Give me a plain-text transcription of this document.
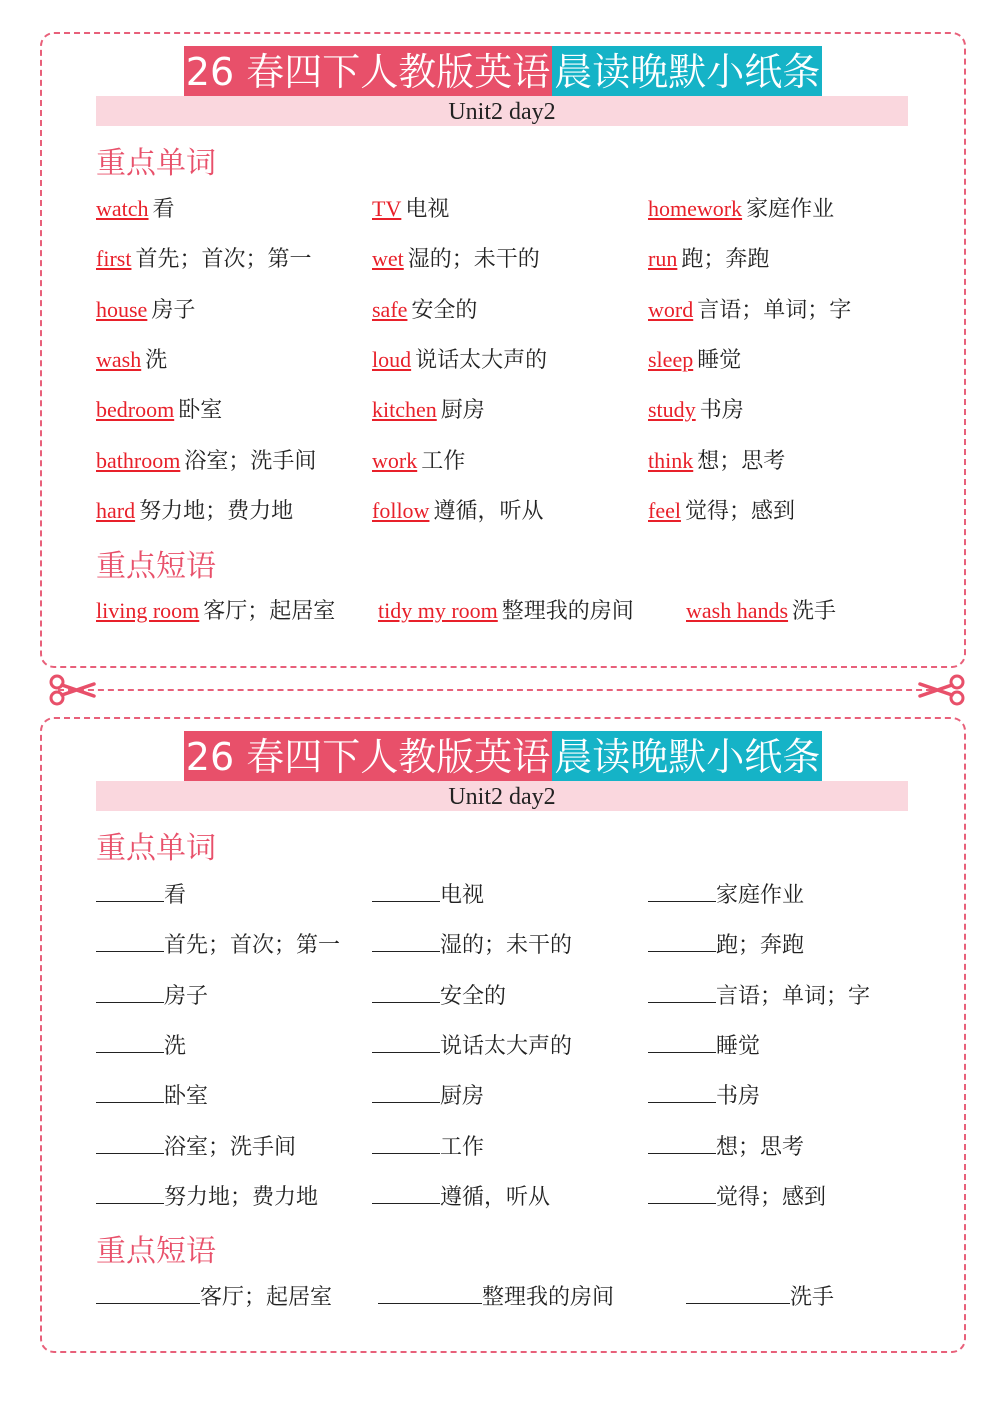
26 春四下人教版英语 晨读晚默小纸条
Unit2 day2
重点单词
watch 看	TV 电视	homework 家庭作业
first 首先；首次；第一	wet 湿的；未干的	run 跑；奔跑
house 房子	safe 安全的	word 言语；单词；字
wash 洗	loud 说话太大声的	sleep 睡觉
bedroom 卧室	kitchen 厨房	study 书房
bathroom 浴室；洗手间	work 工作	think 想；思考
hard 努力地；费力地	follow 遵循，听从	feel 觉得；感到
重点短语
living room 客厅；起居室 tidy my room 整理我的房间 wash hands 洗手
26 春四下人教版英语 晨读晚默小纸条
Unit2 day2
重点单词
看	电视	家庭作业
首先；首次；第一	湿的；未干的	跑；奔跑
房子	安全的	言语；单词；字
洗	说话太大声的	睡觉
卧室	厨房	书房
浴室；洗手间	工作	想；思考
努力地；费力地	遵循，听从	觉得；感到
重点短语
客厅；起居室	整理我的房间	洗手
